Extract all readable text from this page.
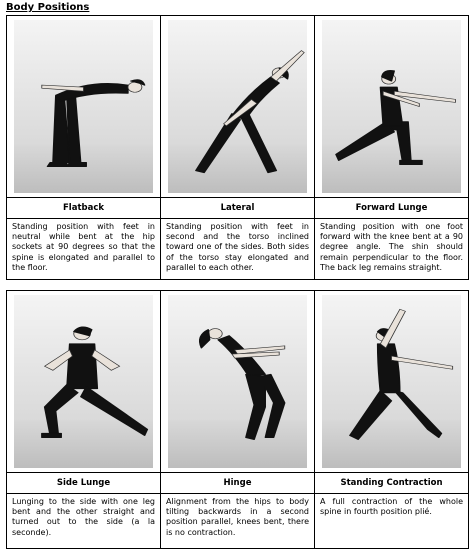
Body Positions

Flatback	Lateral	Forward Lunge
Standing position with feet in neutral while bent at the hip sockets at 90 degrees so that the spine is elongated and parallel to the floor.	Standing position with feet in second and the torso inclined toward one of the sides. Both sides of the torso stay elongated and parallel to each other.	Standing position with one foot forward with the knee bent at a 90 degree angle. The shin should remain perpendicular to the floor. The back leg remains straight.

Side Lunge	Hinge	Standing Contraction
Lunging to the side with one leg bent and the other straight and turned out to the side (a la seconde).	Alignment from the hips to body tilting backwards in a second position parallel, knees bent, there is no contraction.	A full contraction of the whole spine in fourth position plié.
